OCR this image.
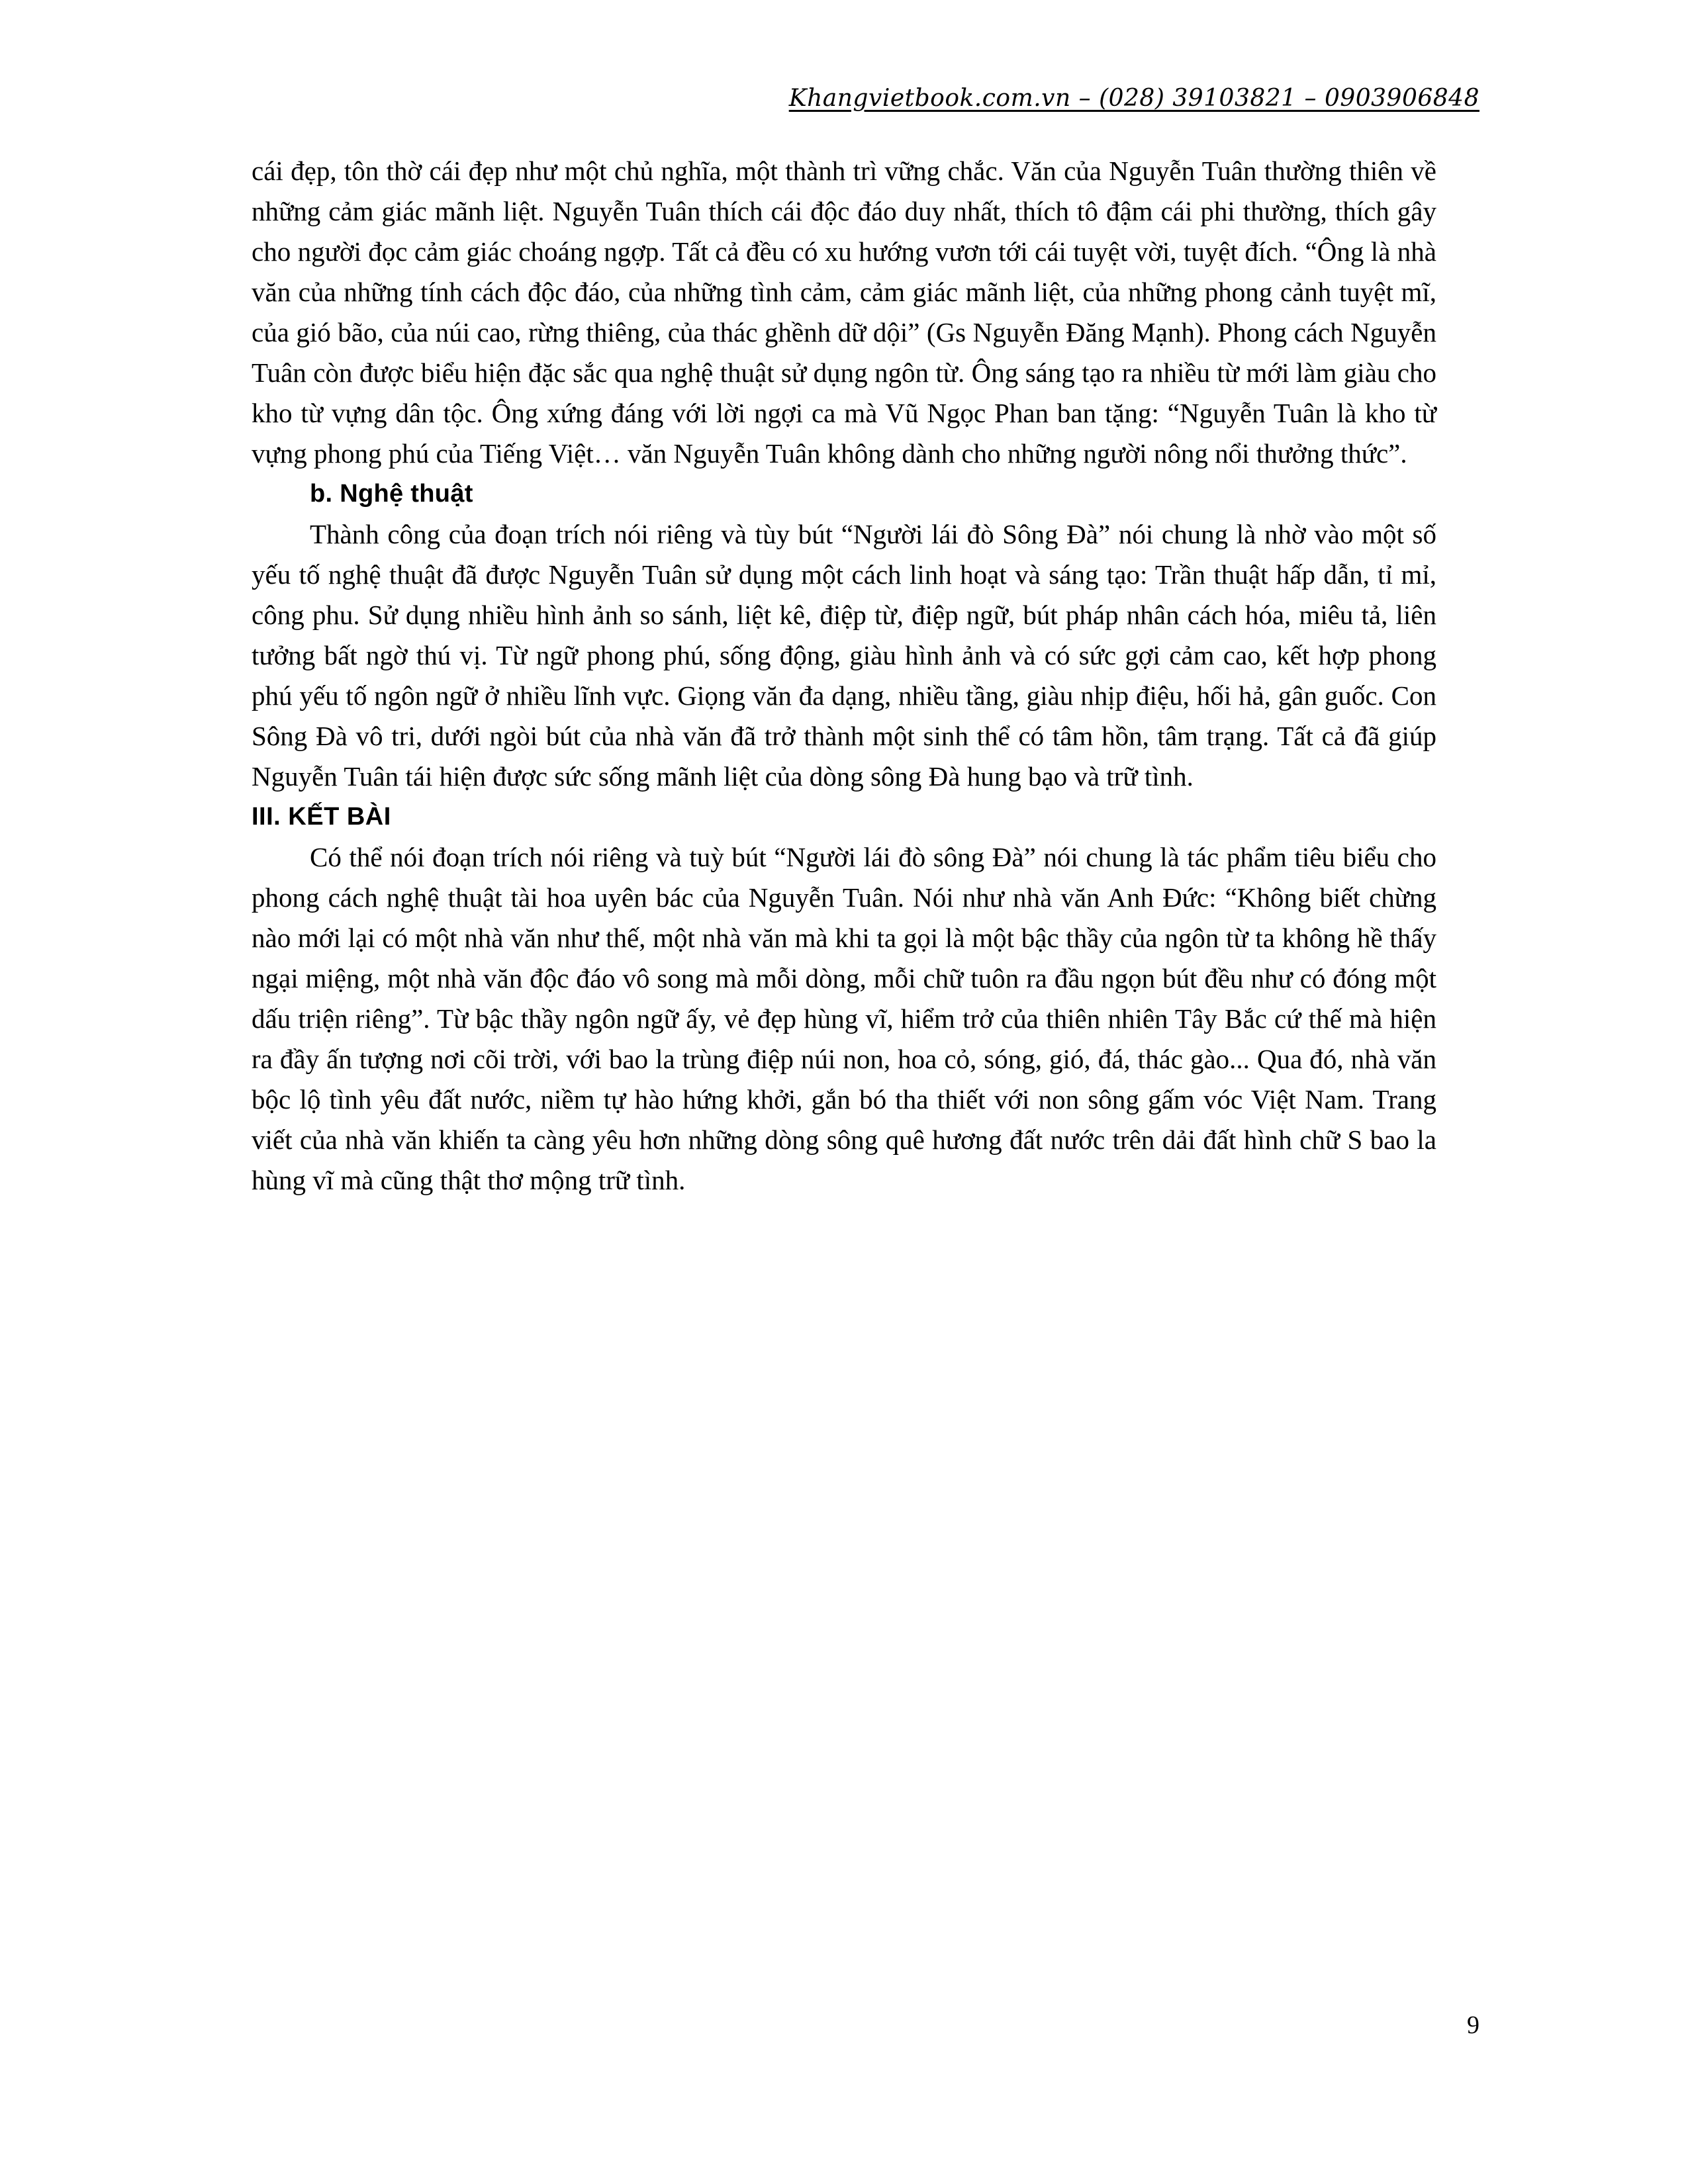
Khangvietbook.com.vn – (028) 39103821 – 0903906848

cái đẹp, tôn thờ cái đẹp như một chủ nghĩa, một thành trì vững chắc. Văn của Nguyễn Tuân thường thiên về những cảm giác mãnh liệt. Nguyễn Tuân thích cái độc đáo duy nhất, thích tô đậm cái phi thường, thích gây cho người đọc cảm giác choáng ngợp. Tất cả đều có xu hướng vươn tới cái tuyệt vời, tuyệt đích. “Ông là nhà văn của những tính cách độc đáo, của những tình cảm, cảm giác mãnh liệt, của những phong cảnh tuyệt mĩ, của gió bão, của núi cao, rừng thiêng, của thác ghềnh dữ dội” (Gs Nguyễn Đăng Mạnh). Phong cách Nguyễn Tuân còn được biểu hiện đặc sắc qua nghệ thuật sử dụng ngôn từ. Ông sáng tạo ra nhiều từ mới làm giàu cho kho từ vựng dân tộc. Ông xứng đáng với lời ngợi ca mà Vũ Ngọc Phan ban tặng: “Nguyễn Tuân là kho từ vựng phong phú của Tiếng Việt… văn Nguyễn Tuân không dành cho những người nông nổi thưởng thức”.

b. Nghệ thuật

Thành công của đoạn trích nói riêng và tùy bút “Người lái đò Sông Đà” nói chung là nhờ vào một số yếu tố nghệ thuật đã được Nguyễn Tuân sử dụng một cách linh hoạt và sáng tạo: Trần thuật hấp dẫn, tỉ mỉ, công phu. Sử dụng nhiều hình ảnh so sánh, liệt kê, điệp từ, điệp ngữ, bút pháp nhân cách hóa, miêu tả, liên tưởng bất ngờ thú vị. Từ ngữ phong phú, sống động, giàu hình ảnh và có sức gợi cảm cao, kết hợp phong phú yếu tố ngôn ngữ ở nhiều lĩnh vực. Giọng văn đa dạng, nhiều tầng, giàu nhịp điệu, hối hả, gân guốc. Con Sông Đà vô tri, dưới ngòi bút của nhà văn đã trở thành một sinh thể có tâm hồn, tâm trạng. Tất cả đã giúp Nguyễn Tuân tái hiện được sức sống mãnh liệt của dòng sông Đà hung bạo và trữ tình.

III. KẾT BÀI

Có thể nói đoạn trích nói riêng và tuỳ bút “Người lái đò sông Đà” nói chung là tác phẩm tiêu biểu cho phong cách nghệ thuật tài hoa uyên bác của Nguyễn Tuân. Nói như nhà văn Anh Đức: “Không biết chừng nào mới lại có một nhà văn như thế, một nhà văn mà khi ta gọi là một bậc thầy của ngôn từ ta không hề thấy ngại miệng, một nhà văn độc đáo vô song mà mỗi dòng, mỗi chữ tuôn ra đầu ngọn bút đều như có đóng một dấu triện riêng”. Từ bậc thầy ngôn ngữ ấy, vẻ đẹp hùng vĩ, hiểm trở của thiên nhiên Tây Bắc cứ thế mà hiện ra đầy ấn tượng nơi cõi trời, với bao la trùng điệp núi non, hoa cỏ, sóng, gió, đá, thác gào... Qua đó, nhà văn bộc lộ tình yêu đất nước, niềm tự hào hứng khởi, gắn bó tha thiết với non sông gấm vóc Việt Nam. Trang viết của nhà văn khiến ta càng yêu hơn những dòng sông quê hương đất nước trên dải đất hình chữ S bao la hùng vĩ mà cũng thật thơ mộng trữ tình.

9
